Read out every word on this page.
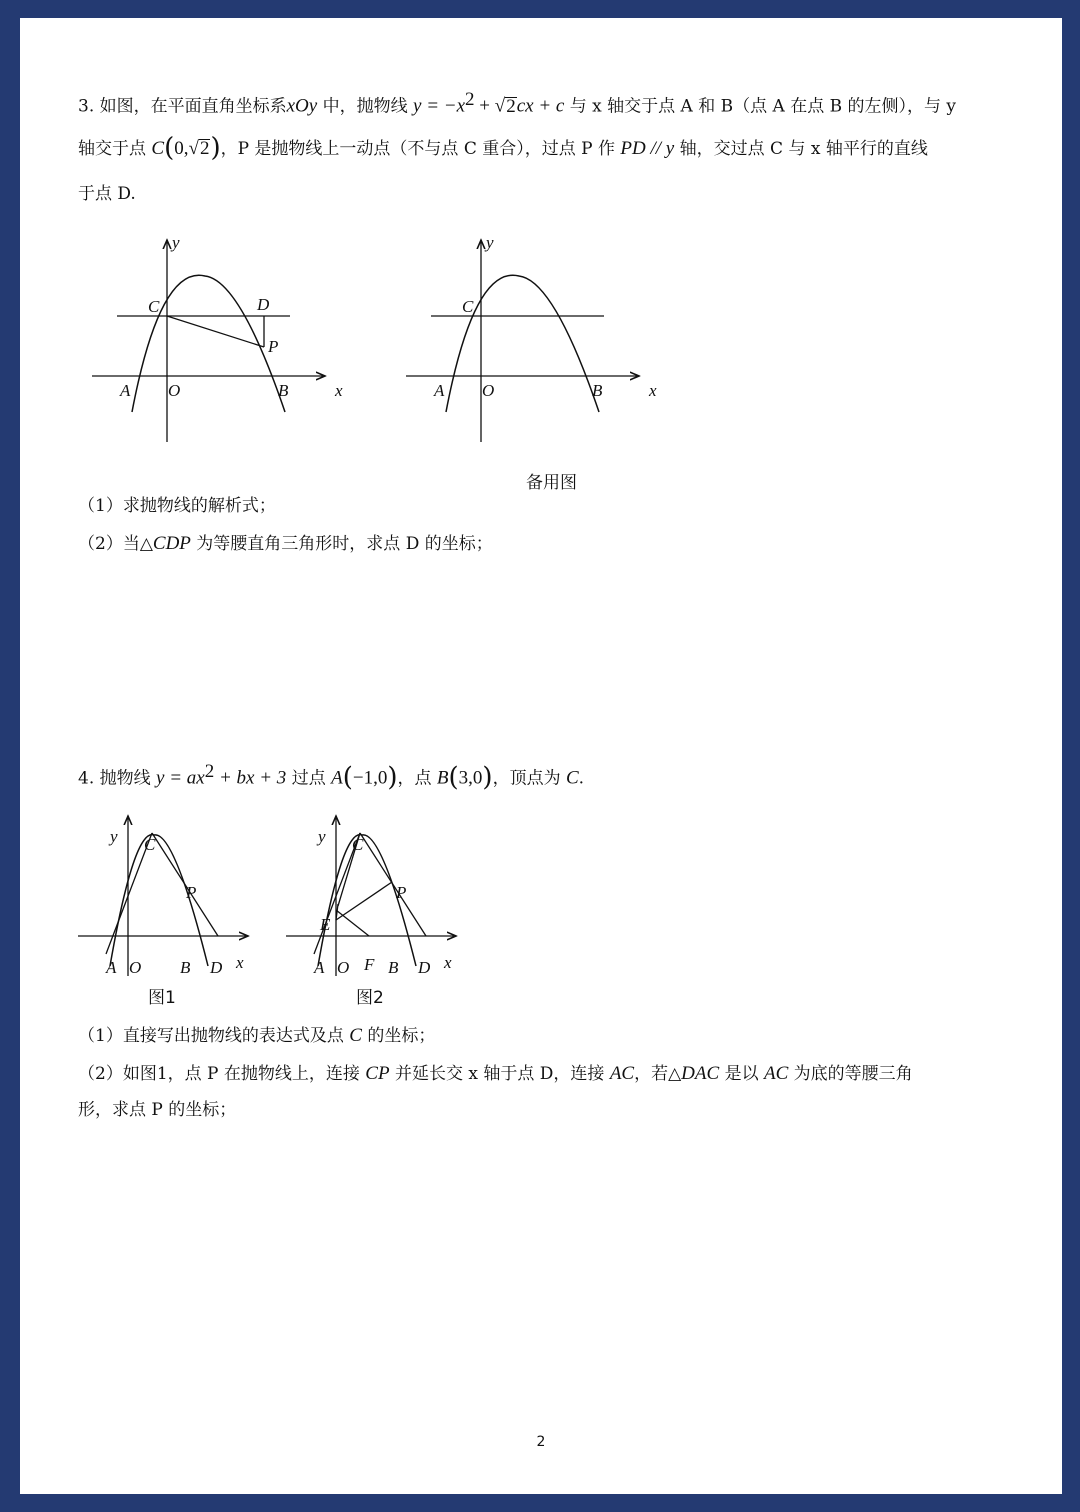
3. 如图，在平面直角坐标系xOy 中，抛物线 $y = -x^2 + √2cx + c$ 与 x 轴交于点 A 和 B（点 A 在点 B 的左侧），与 y
轴交于点 C(0,√2)，P 是抛物线上一动点（不与点 C 重合），过点 P 作 PD // y 轴，交过点 C 与 x 轴平行的直线
于点 D.
y
C	D
P
A O	B	x
y
C
A O	B	x
备用图
（1）求抛物线的解析式；
（2）当△CDP 为等腰直角三角形时，求点 D 的坐标；
4. 抛物线 $y = ax^2$ + bx + 3 过点 A(−1,0)，点 B(3,0)，顶点为 C.
y C
P
A O B D x
图1
y C
P
E
A O F B D x
图2
（1）直接写出抛物线的表达式及点 C 的坐标；
（2）如图1，点 P 在抛物线上，连接 CP 并延长交 x 轴于点 D，连接 AC，若△DAC 是以 AC 为底的等腰三角
形，求点 P 的坐标；
2
